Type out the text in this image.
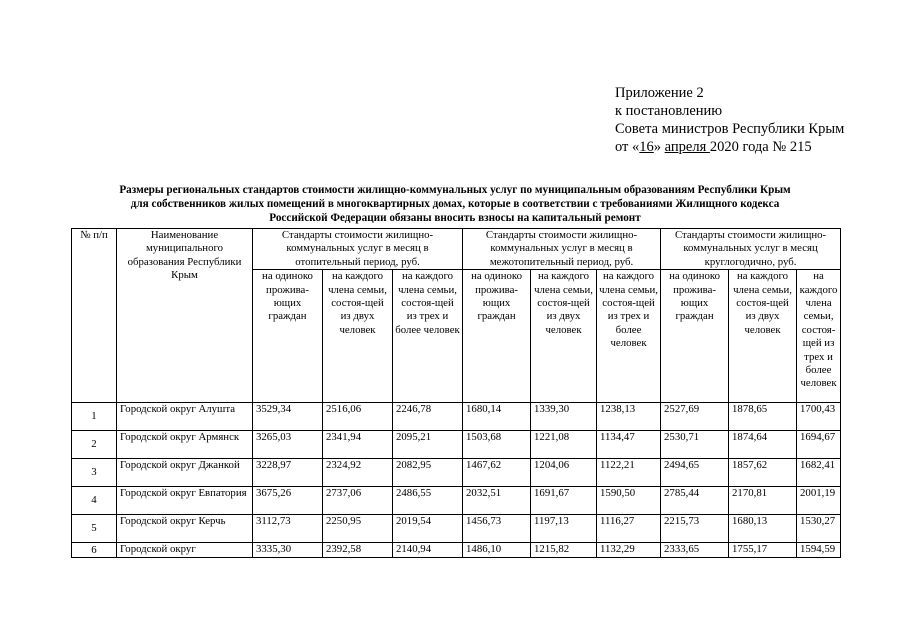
Приложение 2
к постановлению
Совета министров Республики Крым
от «16» апреля 2020 года № 215
Размеры региональных стандартов стоимости жилищно-коммунальных услуг по муниципальным образованиям Республики Крым
для собственников жилых помещений в многоквартирных домах, которые в соответствии с требованиями Жилищного кодекса
Российской Федерации обязаны вносить взносы на капитальный ремонт
№ п/п	Наименование муниципального образования Республики Крым	Стандарты стоимости жилищно-коммунальных услуг в месяц в отопительный период, руб.			Стандарты стоимости жилищно-коммунальных услуг в месяц в межотопительный период, руб.			Стандарты стоимости жилищно-коммунальных услуг в месяц круглогодично, руб.		
		на одиноко прожива-ющих граждан	на каждого члена семьи, состоя-щей из двух человек	на каждого члена семьи, состоя-щей из трех и более человек	на одиноко прожива-ющих граждан	на каждого члена семьи, состоя-щей из двух человек	на каждого члена семьи, состоя-щей из трех и более человек	на одиноко прожива-ющих граждан	на каждого члена семьи, состоя-щей из двух человек	на каждого члена семьи, состоя-щей из трех и более человек
1	Городской округ Алушта	3529,34	2516,06	2246,78	1680,14	1339,30	1238,13	2527,69	1878,65	1700,43
2	Городской округ Армянск	3265,03	2341,94	2095,21	1503,68	1221,08	1134,47	2530,71	1874,64	1694,67
3	Городской округ Джанкой	3228,97	2324,92	2082,95	1467,62	1204,06	1122,21	2494,65	1857,62	1682,41
4	Городской округ Евпатория	3675,26	2737,06	2486,55	2032,51	1691,67	1590,50	2785,44	2170,81	2001,19
5	Городской округ Керчь	3112,73	2250,95	2019,54	1456,73	1197,13	1116,27	2215,73	1680,13	1530,27
6	Городской округ	3335,30	2392,58	2140,94	1486,10	1215,82	1132,29	2333,65	1755,17	1594,59
